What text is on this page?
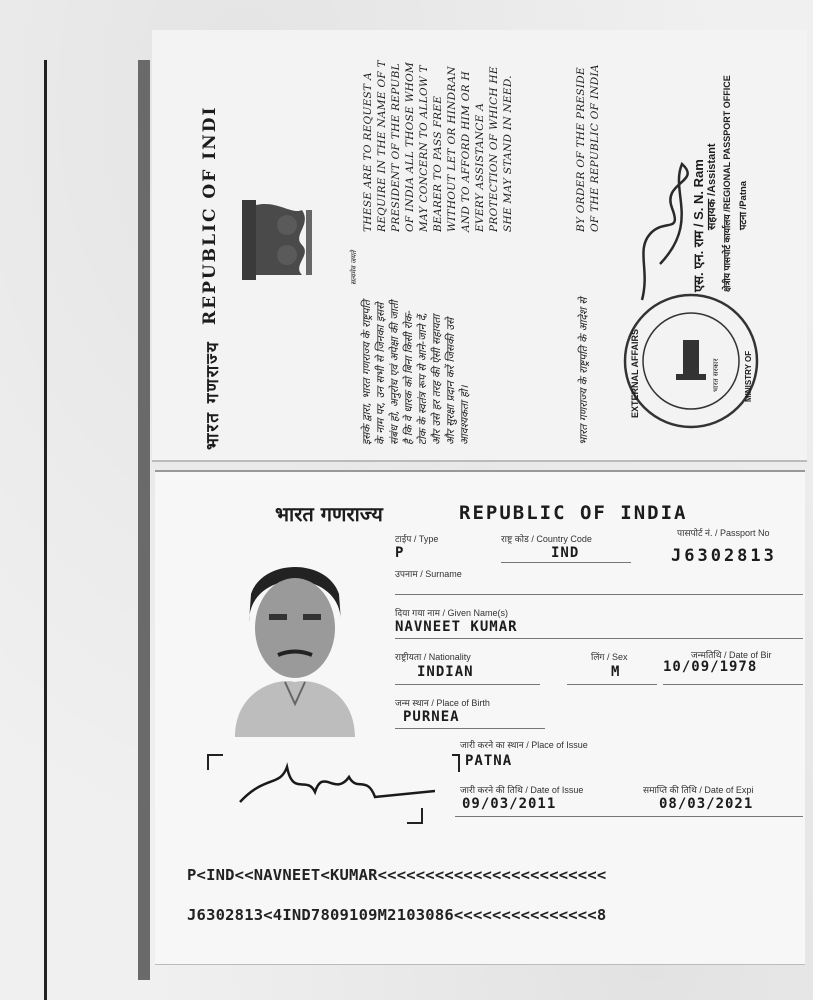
भारत गणराज्य
REPUBLIC OF INDI	सत्यमेव जयते
इसके द्वारा, भारत गणराज्य के राष्ट्रपति के नाम पर, उन सभी से जिनका इससे संबंध हो, अनुरोध एवं अपेक्षा की जाती है कि वे धारक को बिना किसी रोक- टोक के स्वतंत्र रूप से आने-जाने दें, और उसे हर तरह की ऐसी सहायता और सुरक्षा प्रदान करें जिसकी उसे आवश्यकता हो।
THESE ARE TO REQUEST A REQUIRE IN THE NAME OF T PRESIDENT OF THE REPUBL OF INDIA ALL THOSE WHOM MAY CONCERN TO ALLOW T BEARER TO PASS FREE WITHOUT LET OR HINDRAN AND TO AFFORD HIM OR H EVERY ASSISTANCE A PROTECTION OF WHICH HE SHE MAY STAND IN NEED.
भारत गणराज्य के राष्ट्रपति के आदेश से
BY ORDER OF THE PRESIDE OF THE REPUBLIC OF INDIA
EXTERNAL AFFAIRS	MINISTRY OF
भारत सरकार
एस. एन. राम / S. N. Ram सहायक /Assistant क्षेत्रीय पासपोर्ट कार्यालय /REGIONAL PASSPORT OFFICE पटना /Patna
भारत गणराज्य	REPUBLIC OF INDIA
टाईप / Type
P
राष्ट्र कोड / Country Code
IND
पासपोर्ट नं. / Passport No
J6302813
उपनाम / Surname
दिया गया नाम / Given Name(s)
NAVNEET KUMAR
राष्ट्रीयता / Nationality
INDIAN
लिंग / Sex
M
जन्मतिथि / Date of Bir
10/09/1978
जन्म स्थान / Place of Birth
PURNEA
जारी करने का स्थान / Place of Issue
PATNA
जारी करने की तिथि / Date of Issue
09/03/2011
समाप्ति की तिथि / Date of Expi
08/03/2021
P<IND<<NAVNEET<KUMAR<<<<<<<<<<<<<<<<<<<<<<<<
J6302813<4IND7809109M2103086<<<<<<<<<<<<<<<8
